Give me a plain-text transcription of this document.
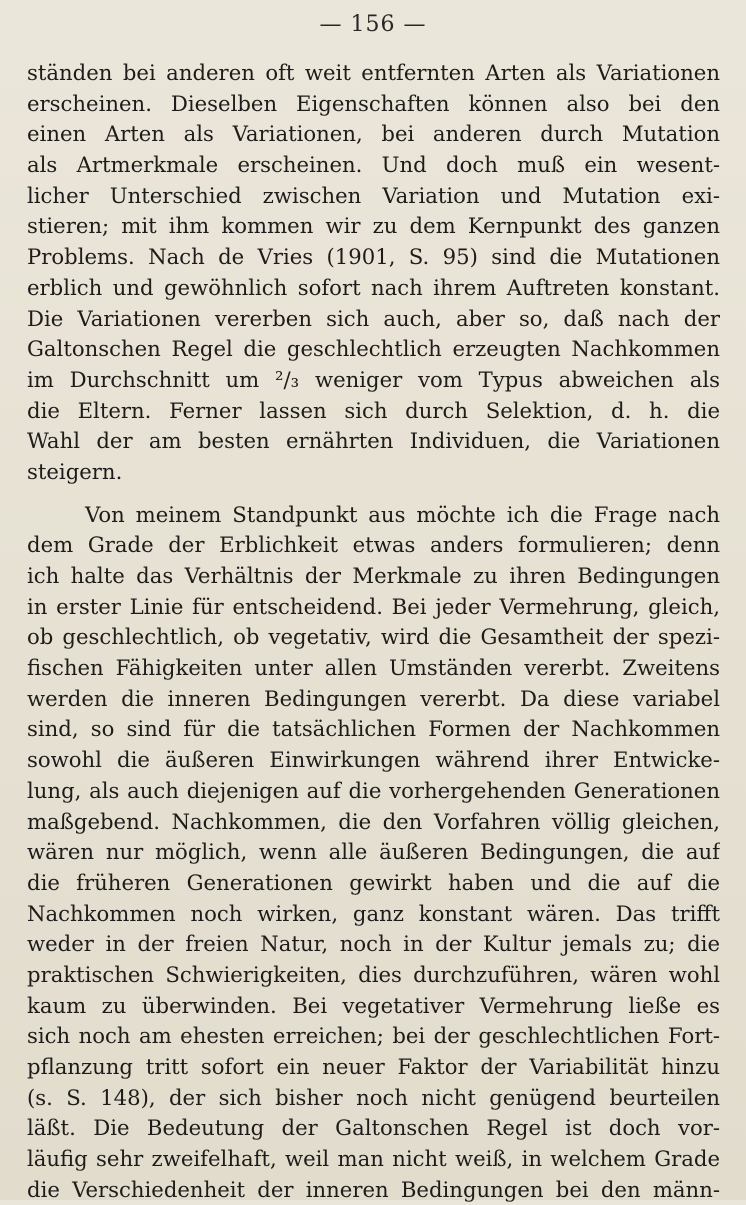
— 156 —
ständen bei anderen oft weit entfernten Arten als Variationen
erscheinen. Dieselben Eigenschaften können also bei den
einen Arten als Variationen, bei anderen durch Mutation
als Artmerkmale erscheinen. Und doch muß ein wesent-
licher Unterschied zwischen Variation und Mutation exi-
stieren; mit ihm kommen wir zu dem Kernpunkt des ganzen
Problems. Nach de Vries (1901, S. 95) sind die Mutationen
erblich und gewöhnlich sofort nach ihrem Auftreten konstant.
Die Variationen vererben sich auch, aber so, daß nach der
Galtonschen Regel die geschlechtlich erzeugten Nachkommen
im Durchschnitt um ²/₃ weniger vom Typus abweichen als
die Eltern. Ferner lassen sich durch Selektion, d. h. die
Wahl der am besten ernährten Individuen, die Variationen
steigern.
Von meinem Standpunkt aus möchte ich die Frage nach
dem Grade der Erblichkeit etwas anders formulieren; denn
ich halte das Verhältnis der Merkmale zu ihren Bedingungen
in erster Linie für entscheidend. Bei jeder Vermehrung, gleich,
ob geschlechtlich, ob vegetativ, wird die Gesamtheit der spezi-
fischen Fähigkeiten unter allen Umständen vererbt. Zweitens
werden die inneren Bedingungen vererbt. Da diese variabel
sind, so sind für die tatsächlichen Formen der Nachkommen
sowohl die äußeren Einwirkungen während ihrer Entwicke-
lung, als auch diejenigen auf die vorhergehenden Generationen
maßgebend. Nachkommen, die den Vorfahren völlig gleichen,
wären nur möglich, wenn alle äußeren Bedingungen, die auf
die früheren Generationen gewirkt haben und die auf die
Nachkommen noch wirken, ganz konstant wären. Das trifft
weder in der freien Natur, noch in der Kultur jemals zu; die
praktischen Schwierigkeiten, dies durchzuführen, wären wohl
kaum zu überwinden. Bei vegetativer Vermehrung ließe es
sich noch am ehesten erreichen; bei der geschlechtlichen Fort-
pflanzung tritt sofort ein neuer Faktor der Variabilität hinzu
(s. S. 148), der sich bisher noch nicht genügend beurteilen
läßt. Die Bedeutung der Galtonschen Regel ist doch vor-
läufig sehr zweifelhaft, weil man nicht weiß, in welchem Grade
die Verschiedenheit der inneren Bedingungen bei den männ-
